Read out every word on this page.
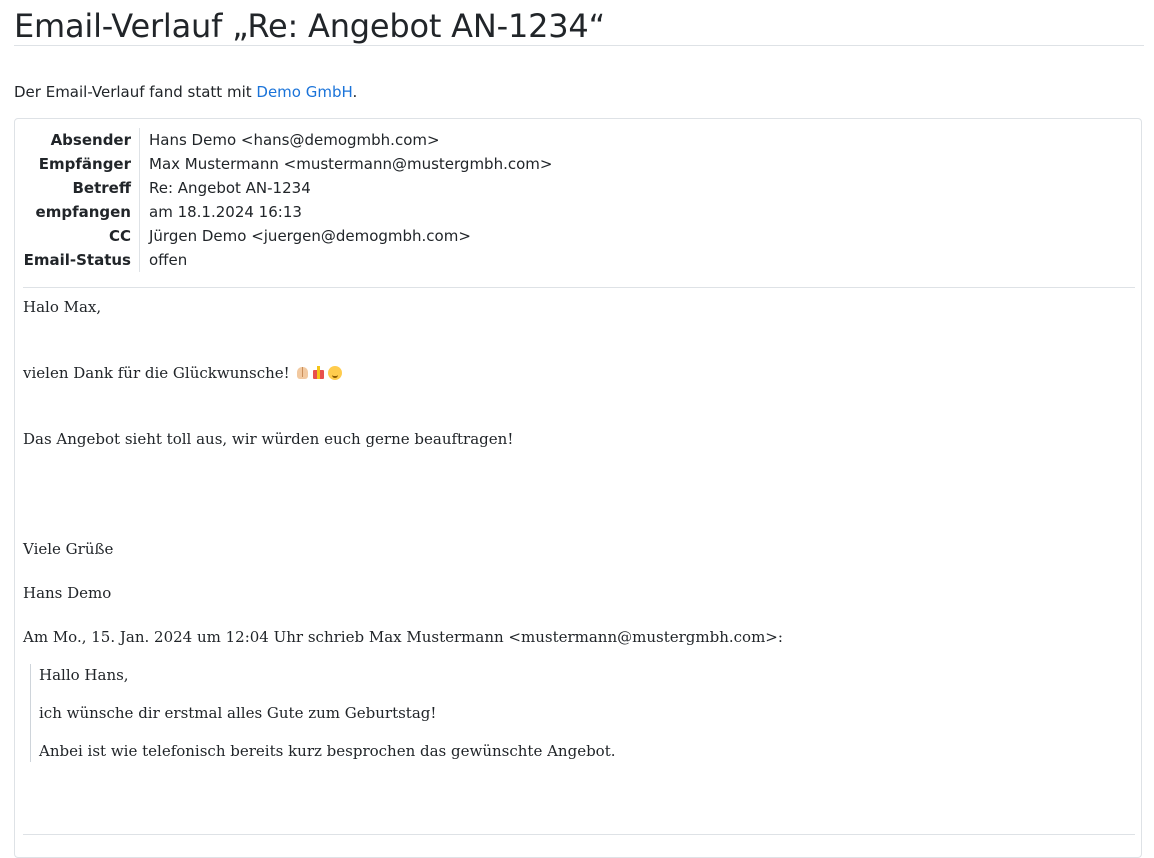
Email-Verlauf „Re: Angebot AN-1234“
Der Email-Verlauf fand statt mit Demo GmbH.
Absender	Hans Demo <hans@demogmbh.com>
Empfänger	Max Mustermann <mustermann@mustergmbh.com>
Betreff	Re: Angebot AN-1234
empfangen	am 18.1.2024 16:13
CC	Jürgen Demo <juergen@demogmbh.com>
Email-Status	offen

Halo Max,

vielen Dank für die Glückwunsche!

Das Angebot sieht toll aus, wir würden euch gerne beauftragen!

Viele Grüße

Hans Demo

Am Mo., 15. Jan. 2024 um 12:04 Uhr schrieb Max Mustermann <mustermann@mustergmbh.com>:

Hallo Hans,

ich wünsche dir erstmal alles Gute zum Geburtstag!

Anbei ist wie telefonisch bereits kurz besprochen das gewünschte Angebot.
